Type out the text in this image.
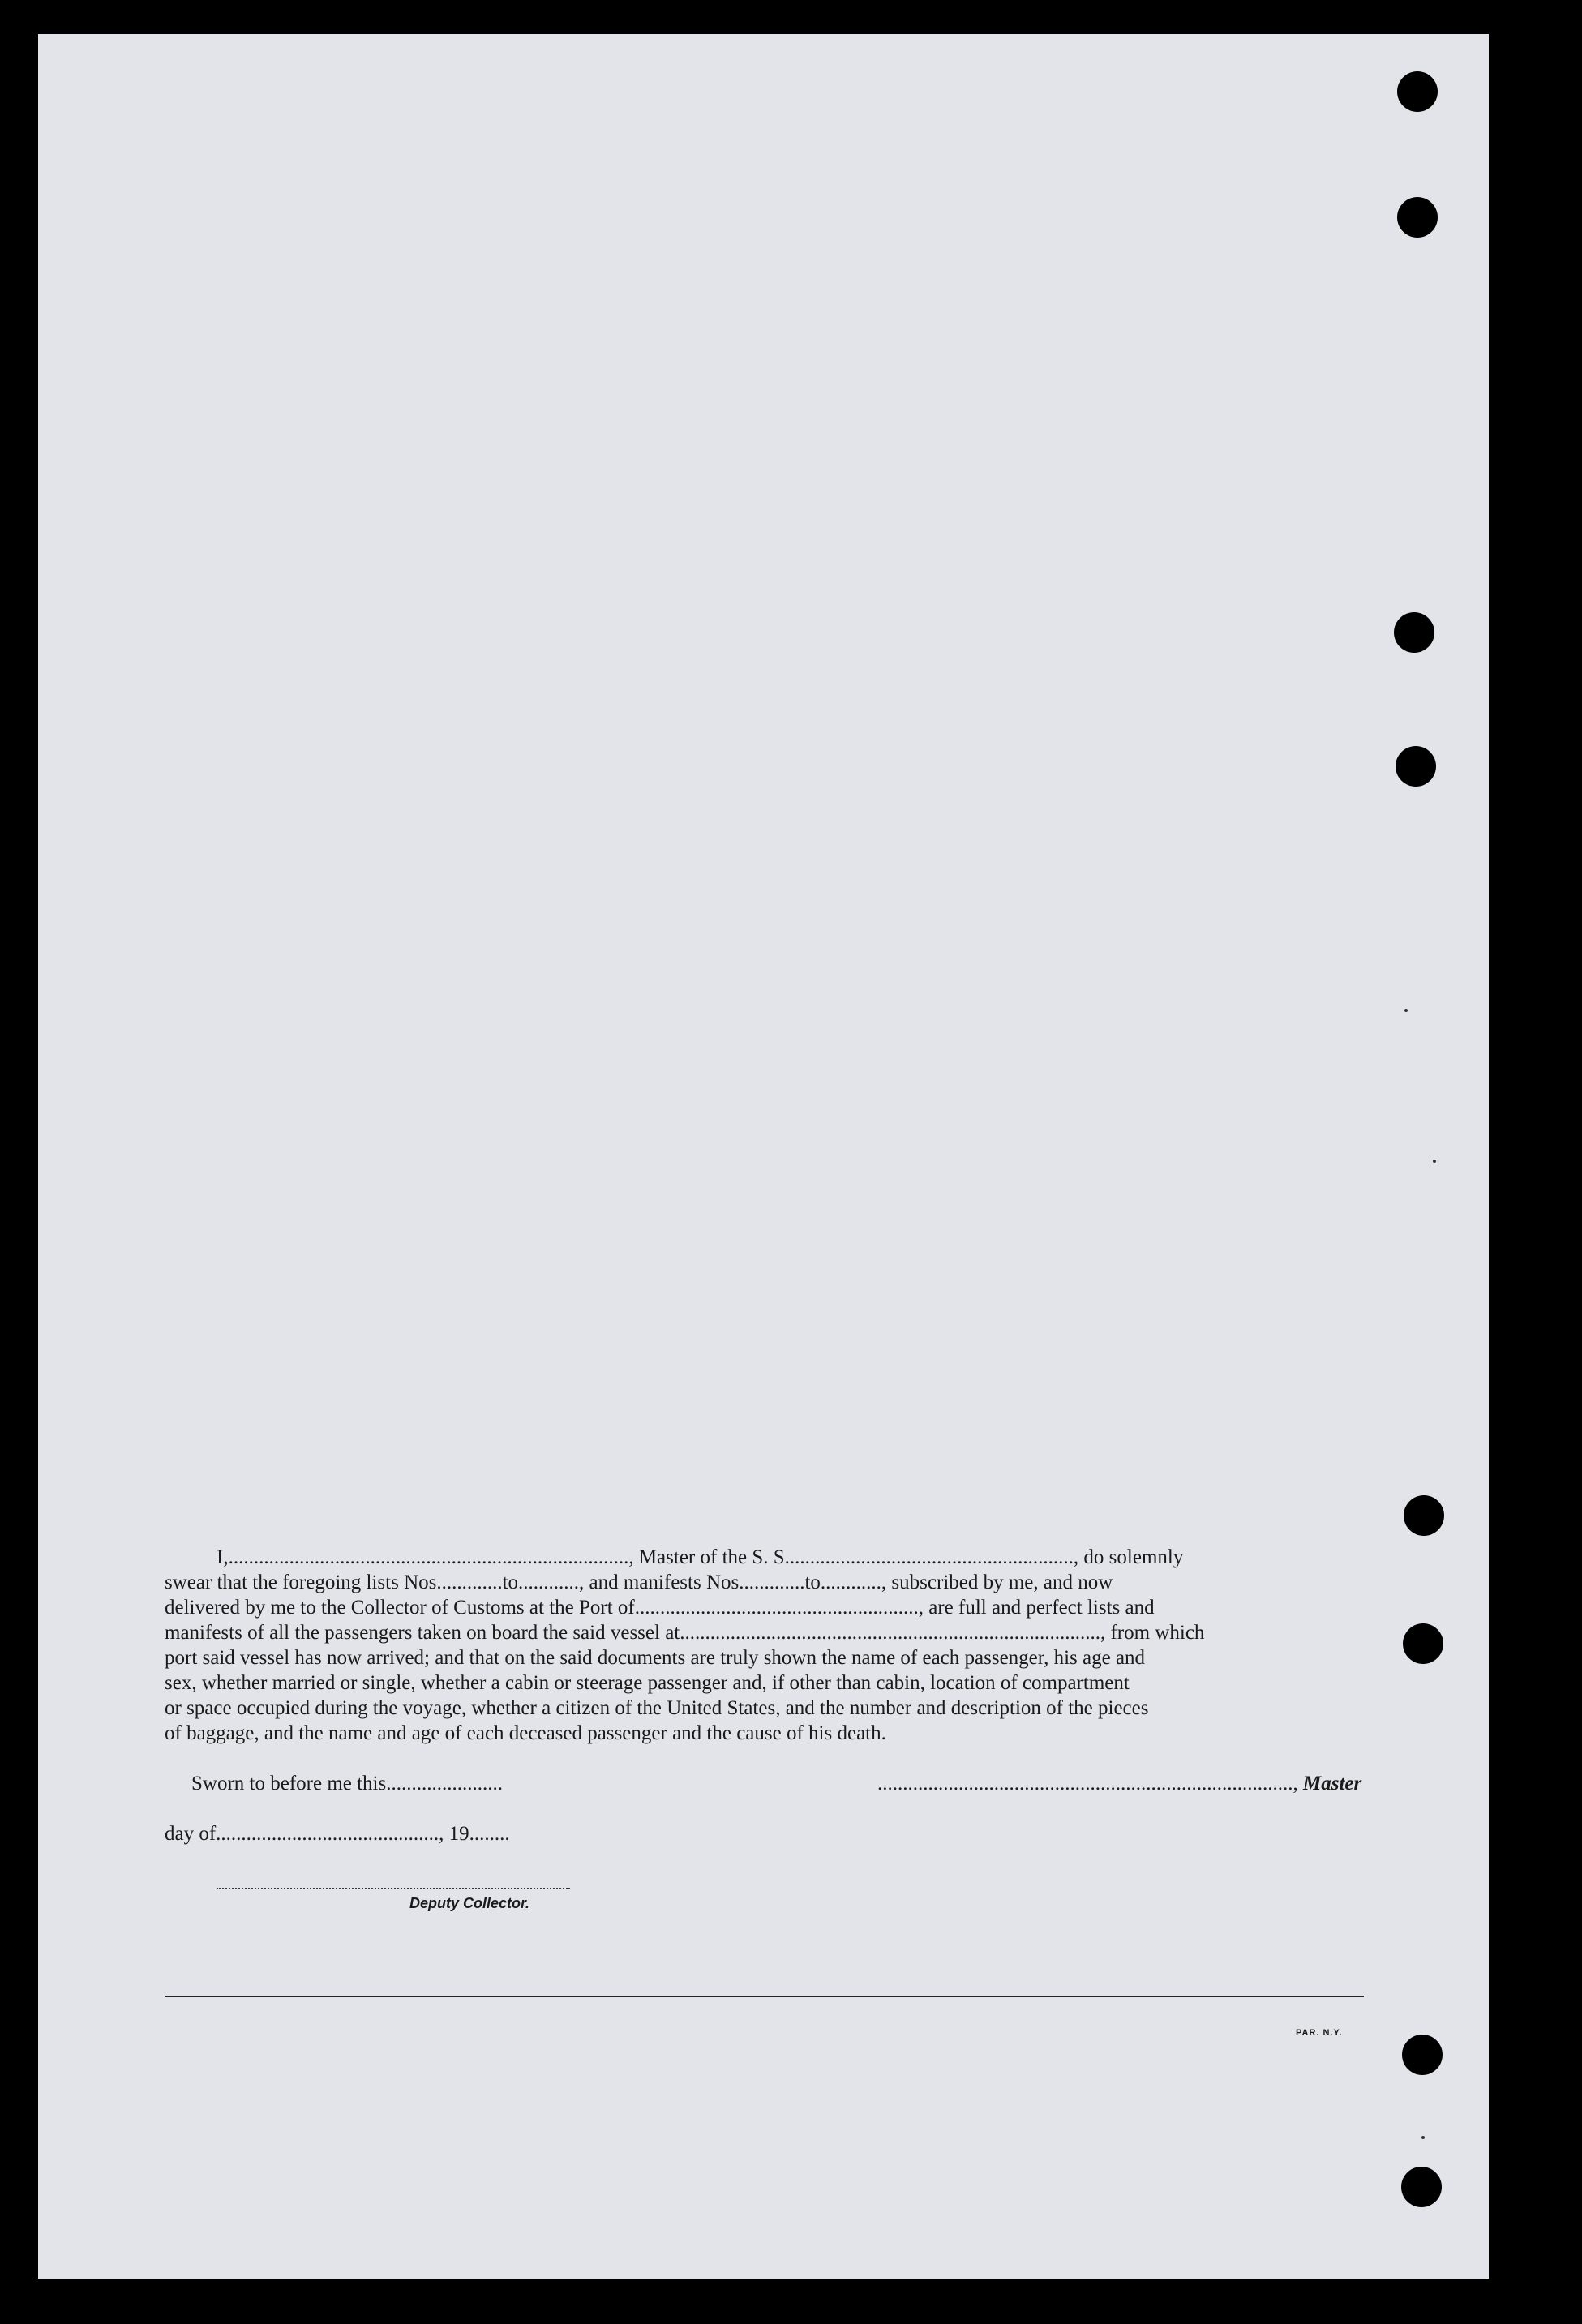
I,..............................................................................., Master of the S. S........................................................., do solemnly
swear that the foregoing lists Nos.............to............, and manifests Nos.............to............, subscribed by me, and now
delivered by me to the Collector of Customs at the Port of........................................................, are full and perfect lists and
manifests of all the passengers taken on board the said vessel at..................................................................................., from which
port said vessel has now arrived; and that on the said documents are truly shown the name of each passenger, his age and
sex, whether married or single, whether a cabin or steerage passenger and, if other than cabin, location of compartment
or space occupied during the voyage, whether a citizen of the United States, and the number and description of the pieces
of baggage, and the name and age of each deceased passenger and the cause of his death.
Sworn to before me this.......................	.................................................................................., Master
day of............................................, 19........
Deputy Collector.
PAR. N.Y.
